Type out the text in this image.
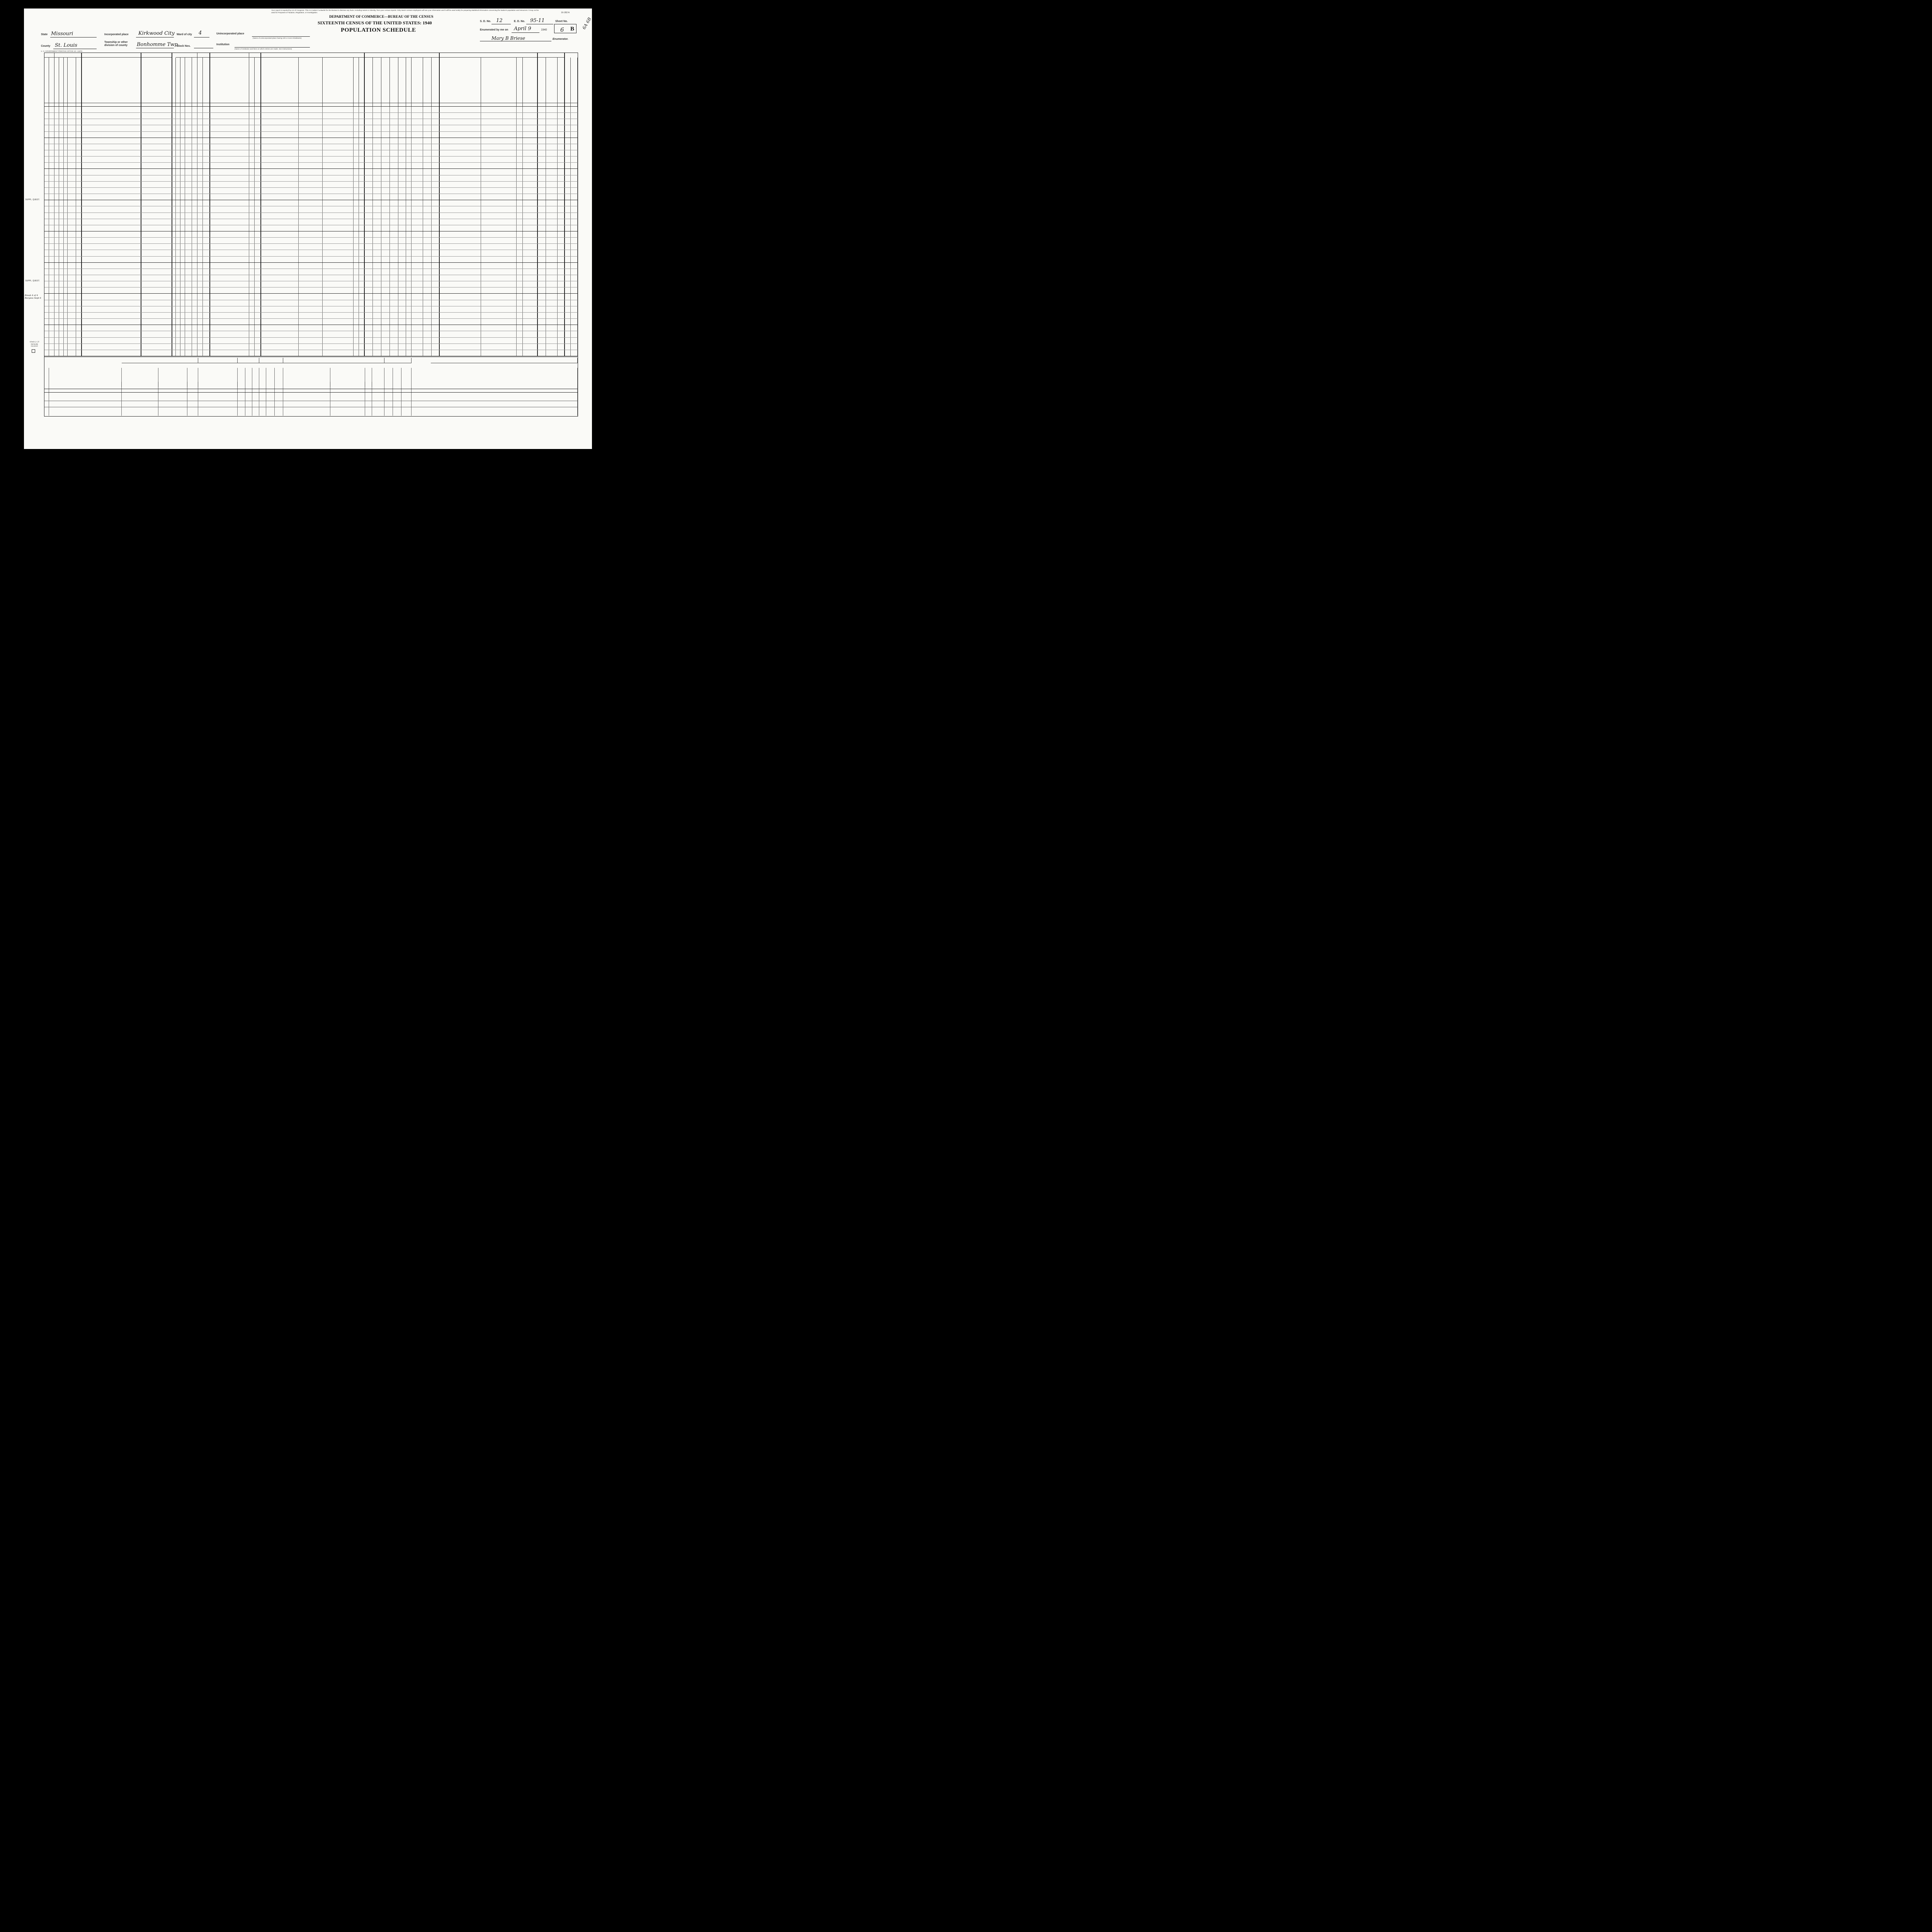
Your report is required by Act of Congress. This Act makes it unlawful for the Bureau to disclose any facts, including names or identity, from your census reports. Only sworn census employees will see your information and it will be used solely for preparing statistical information concerning the Nation's population and resources. It may not be used for Purposes of Taxation, Regulation, or Investigation.	16-282 A
DEPARTMENT OF COMMERCE—BUREAU OF THE CENSUS
SIXTEENTH CENSUS OF THE UNITED STATES: 1940
POPULATION SCHEDULE
State Missouri
County St. Louis
U. S. GOVERNMENT PRINTING OFFICE 10—11876
Incorporated place Kirkwood City Ward of city 4	Unincorporated place
(Name of unincorporated place having 100 or more inhabitants)
Township or other division of county	Bonhomme Twp
Block Nos.
Institution
(Name of institution and lines on which entries are made. See Instructions)
S. D. No. 12	E. D. No. 95-11	Sheet No.
6 B 6A 6B
Enumerated by me on April 9	1940
Mary B Briese	Enumerator.
SUPPL. QUEST.
SUPPL. QUEST.
Break 4 of 4 Burgess Sept 6
Check (✓) if Seriously Incorrect
